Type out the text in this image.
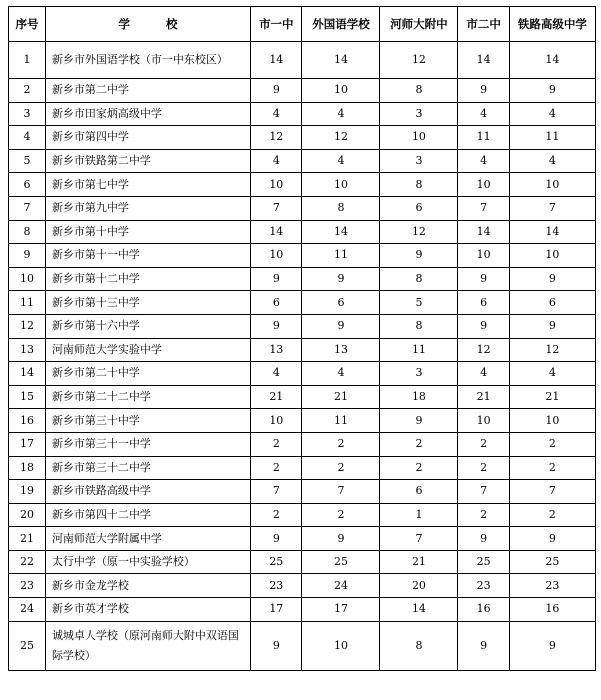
序号	学 校	市一中	外国语学校	河师大附中	市二中	铁路高级中学
1	新乡市外国语学校（市一中东校区）	14	14	12	14	14
2	新乡市第二中学	9	10	8	9	9
3	新乡市田家炳高级中学	4	4	3	4	4
4	新乡市第四中学	12	12	10	11	11
5	新乡市铁路第二中学	4	4	3	4	4
6	新乡市第七中学	10	10	8	10	10
7	新乡市第九中学	7	8	6	7	7
8	新乡市第十中学	14	14	12	14	14
9	新乡市第十一中学	10	11	9	10	10
10	新乡市第十二中学	9	9	8	9	9
11	新乡市第十三中学	6	6	5	6	6
12	新乡市第十六中学	9	9	8	9	9
13	河南师范大学实验中学	13	13	11	12	12
14	新乡市第二十中学	4	4	3	4	4
15	新乡市第二十二中学	21	21	18	21	21
16	新乡市第三十中学	10	11	9	10	10
17	新乡市第三十一中学	2	2	2	2	2
18	新乡市第三十二中学	2	2	2	2	2
19	新乡市铁路高级中学	7	7	6	7	7
20	新乡市第四十二中学	2	2	1	2	2
21	河南师范大学附属中学	9	9	7	9	9
22	太行中学（原一中实验学校）	25	25	21	25	25
23	新乡市金龙学校	23	24	20	23	23
24	新乡市英才学校	17	17	14	16	16
25	诚城卓人学校（原河南师大附中双语国际学校）	9	10	8	9	9
